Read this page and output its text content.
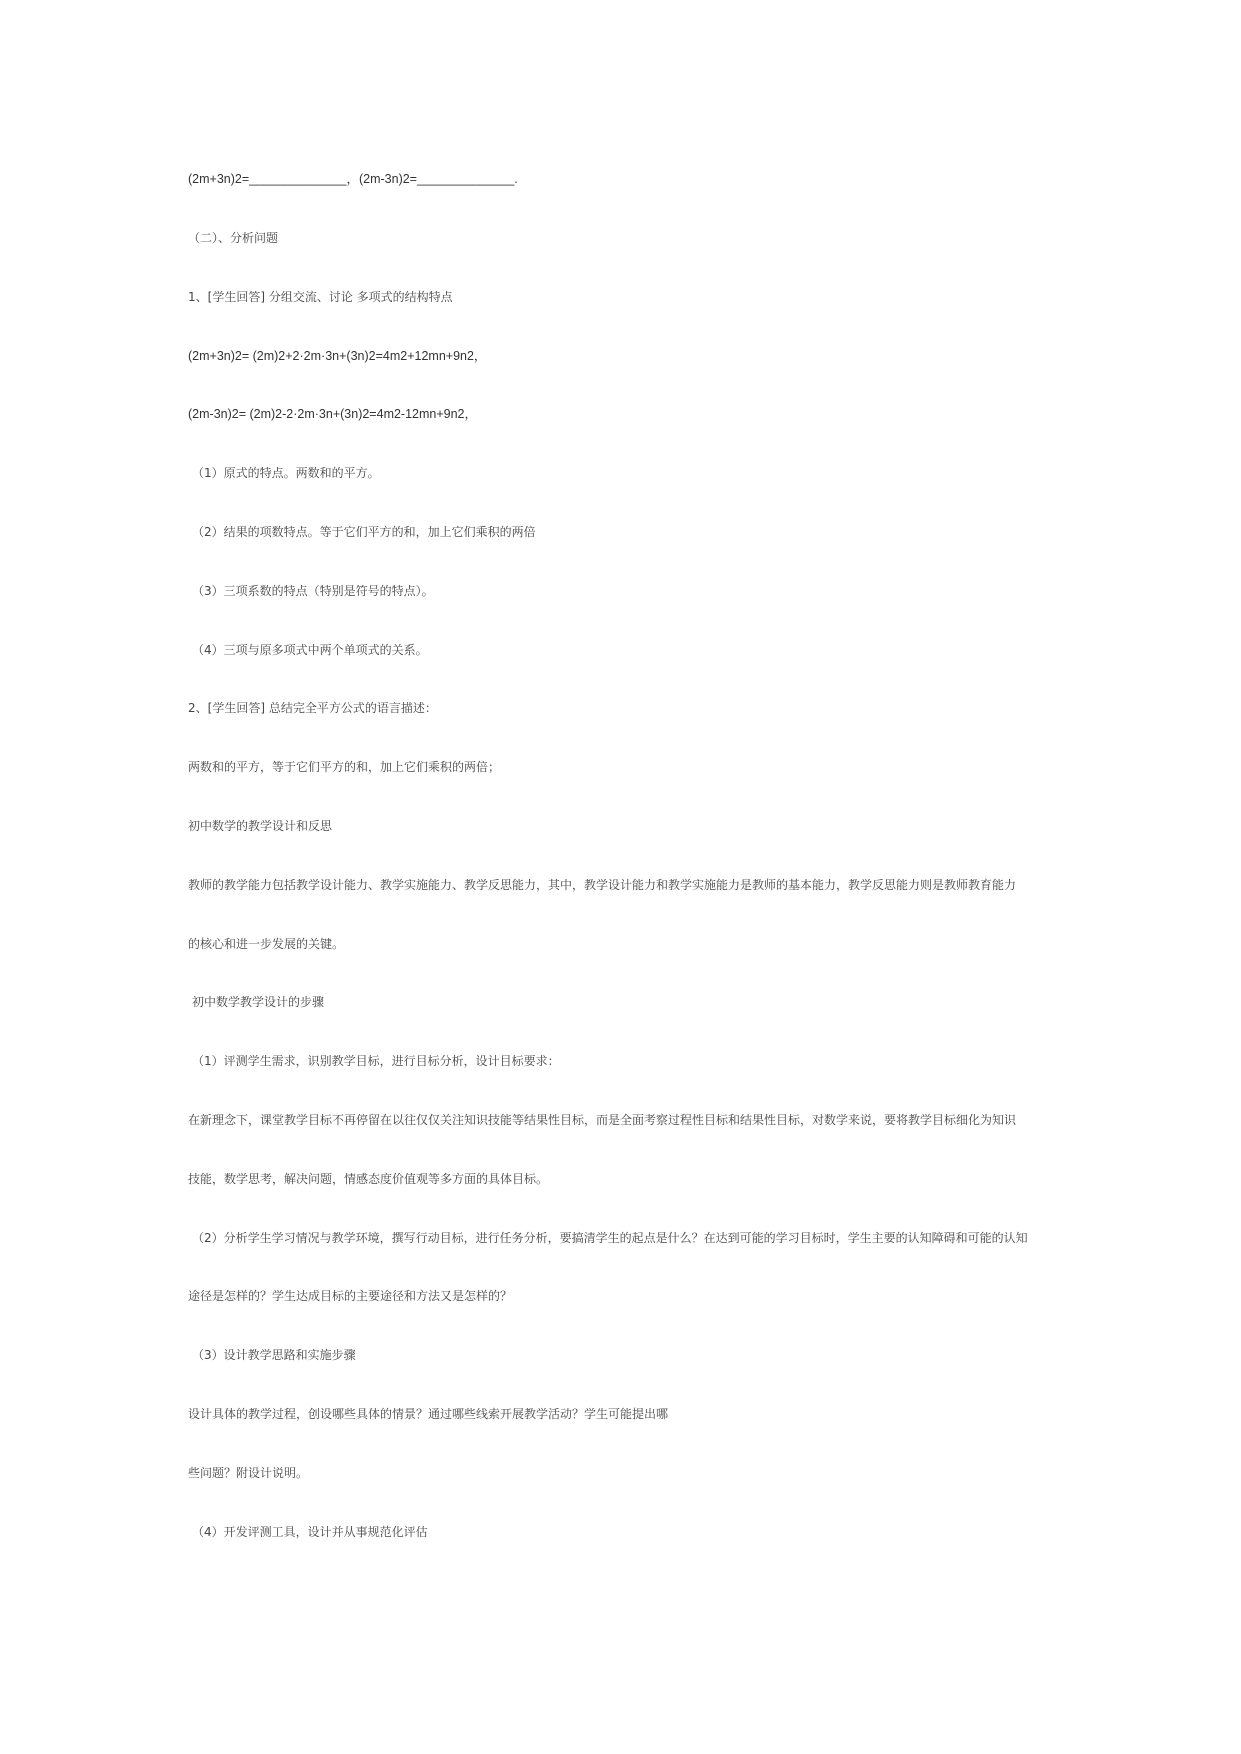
(2m+3n)2=______________，(2m-3n)2=______________.
（二）、分析问题
1、[学生回答] 分组交流、讨论 多项式的结构特点
(2m+3n)2= (2m)2+2·2m·3n+(3n)2=4m2+12mn+9n2，
(2m-3n)2= (2m)2-2·2m·3n+(3n)2=4m2-12mn+9n2，
（1）原式的特点。两数和的平方。
（2）结果的项数特点。等于它们平方的和，加上它们乘积的两倍
（3）三项系数的特点（特别是符号的特点）。
（4）三项与原多项式中两个单项式的关系。
2、[学生回答] 总结完全平方公式的语言描述：
两数和的平方，等于它们平方的和，加上它们乘积的两倍；
初中数学的教学设计和反思
教师的教学能力包括教学设计能力、教学实施能力、教学反思能力，其中，教学设计能力和教学实施能力是教师的基本能力，教学反思能力则是教师教育能力
的核心和进一步发展的关键。
初中数学教学设计的步骤
（1）评测学生需求，识别教学目标，进行目标分析，设计目标要求：
在新理念下，课堂教学目标不再停留在以往仅仅关注知识技能等结果性目标，而是全面考察过程性目标和结果性目标，对数学来说，要将教学目标细化为知识
技能，数学思考，解决问题，情感态度价值观等多方面的具体目标。
（2）分析学生学习情况与教学环境，撰写行动目标，进行任务分析，要搞清学生的起点是什么？在达到可能的学习目标时，学生主要的认知障碍和可能的认知
途径是怎样的？学生达成目标的主要途径和方法又是怎样的？
（3）设计教学思路和实施步骤
设计具体的教学过程，创设哪些具体的情景？通过哪些线索开展教学活动？学生可能提出哪
些问题？附设计说明。
（4）开发评测工具，设计并从事规范化评估
